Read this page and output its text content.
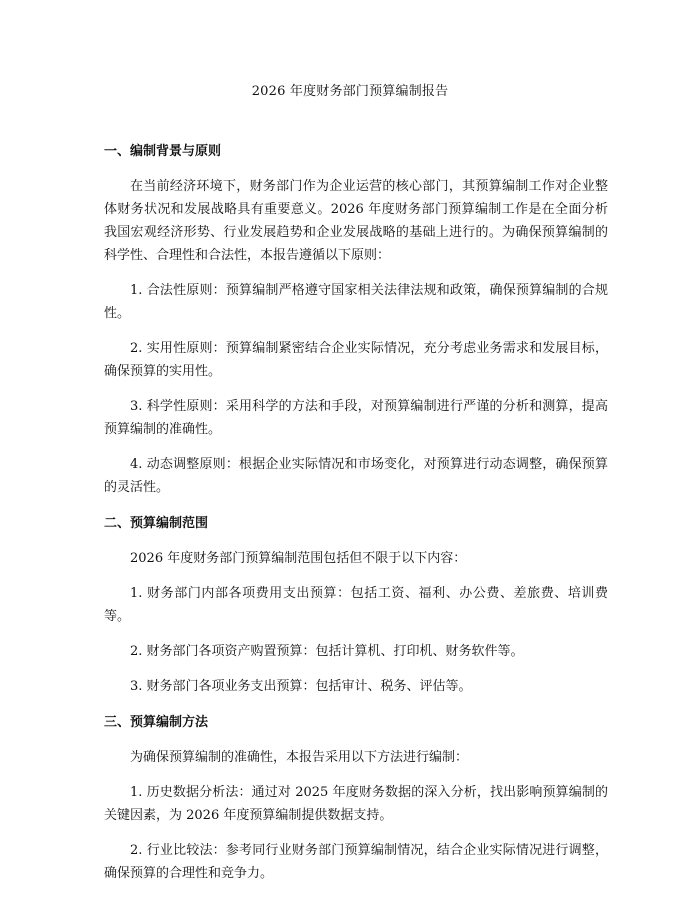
2026 年度财务部门预算编制报告
一、编制背景与原则

在当前经济环境下，财务部门作为企业运营的核心部门，其预算编制工作对企业整体财务状况和发展战略具有重要意义。2026 年度财务部门预算编制工作是在全面分析我国宏观经济形势、行业发展趋势和企业发展战略的基础上进行的。为确保预算编制的科学性、合理性和合法性，本报告遵循以下原则：

1. 合法性原则：预算编制严格遵守国家相关法律法规和政策，确保预算编制的合规性。

2. 实用性原则：预算编制紧密结合企业实际情况，充分考虑业务需求和发展目标，确保预算的实用性。

3. 科学性原则：采用科学的方法和手段，对预算编制进行严谨的分析和测算，提高预算编制的准确性。

4. 动态调整原则：根据企业实际情况和市场变化，对预算进行动态调整，确保预算的灵活性。

二、预算编制范围

2026 年度财务部门预算编制范围包括但不限于以下内容：

1. 财务部门内部各项费用支出预算：包括工资、福利、办公费、差旅费、培训费等。

2. 财务部门各项资产购置预算：包括计算机、打印机、财务软件等。

3. 财务部门各项业务支出预算：包括审计、税务、评估等。

三、预算编制方法

为确保预算编制的准确性，本报告采用以下方法进行编制：

1. 历史数据分析法：通过对 2025 年度财务数据的深入分析，找出影响预算编制的关键因素，为 2026 年度预算编制提供数据支持。

2. 行业比较法：参考同行业财务部门预算编制情况，结合企业实际情况进行调整，确保预算的合理性和竞争力。
